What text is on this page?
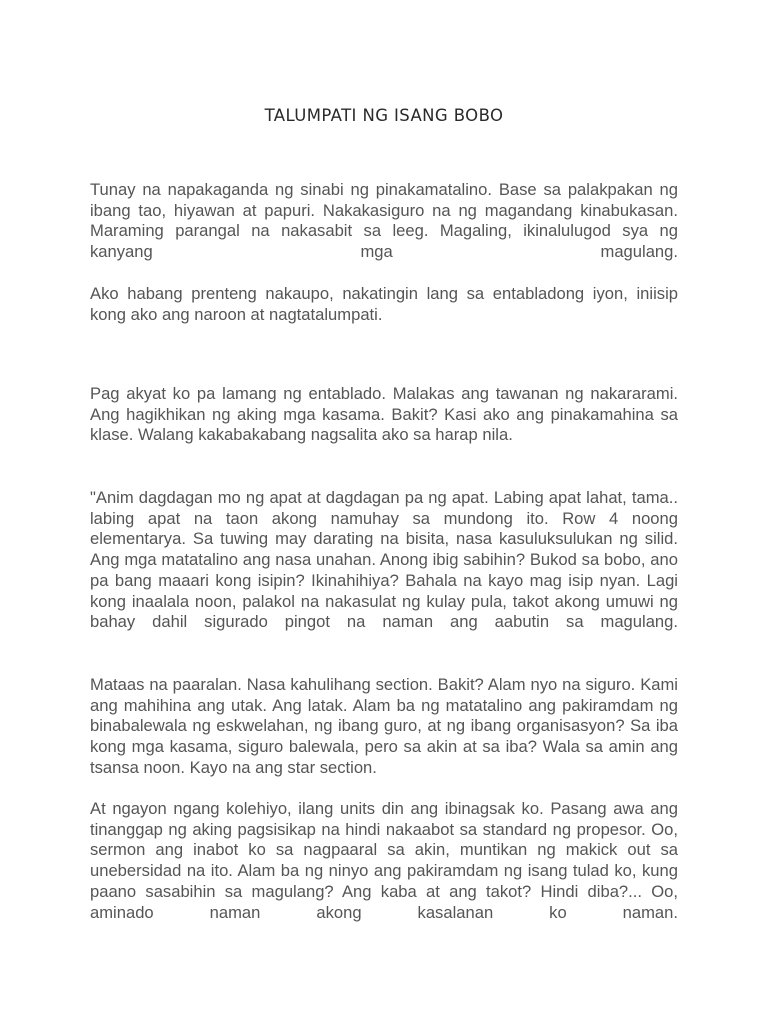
TALUMPATI NG ISANG BOBO

Tunay na napakaganda ng sinabi ng pinakamatalino. Base sa palakpakan ng ibang tao, hiyawan at papuri. Nakakasiguro na ng magandang kinabukasan. Maraming parangal na nakasabit sa leeg. Magaling, ikinalulugod sya ng kanyang mga magulang.

Ako habang prenteng nakaupo, nakatingin lang sa entabladong iyon, iniisip kong ako ang naroon at nagtatalumpati.

Pag akyat ko pa lamang ng entablado. Malakas ang tawanan ng nakararami. Ang hagikhikan ng aking mga kasama. Bakit? Kasi ako ang pinakamahina sa klase. Walang kakabakabang nagsalita ako sa harap nila.

"Anim dagdagan mo ng apat at dagdagan pa ng apat. Labing apat lahat, tama.. labing apat na taon akong namuhay sa mundong ito. Row 4 noong elementarya. Sa tuwing may darating na bisita, nasa kasuluksulukan ng silid. Ang mga matatalino ang nasa unahan. Anong ibig sabihin? Bukod sa bobo, ano pa bang maaari kong isipin? Ikinahihiya? Bahala na kayo mag isip nyan. Lagi kong inaalala noon, palakol na nakasulat ng kulay pula, takot akong umuwi ng bahay dahil sigurado pingot na naman ang aabutin sa magulang.

Mataas na paaralan. Nasa kahulihang section. Bakit? Alam nyo na siguro. Kami ang mahihina ang utak. Ang latak. Alam ba ng matatalino ang pakiramdam ng binabalewala ng eskwelahan, ng ibang guro, at ng ibang organisasyon? Sa iba kong mga kasama, siguro balewala, pero sa akin at sa iba? Wala sa amin ang tsansa noon. Kayo na ang star section.

At ngayon ngang kolehiyo, ilang units din ang ibinagsak ko. Pasang awa ang tinanggap ng aking pagsisikap na hindi nakaabot sa standard ng propesor. Oo, sermon ang inabot ko sa nagpaaral sa akin, muntikan ng makick out sa unebersidad na ito. Alam ba ng ninyo ang pakiramdam ng isang tulad ko, kung paano sasabihin sa magulang? Ang kaba at ang takot? Hindi diba?... Oo, aminado naman akong kasalanan ko naman.
